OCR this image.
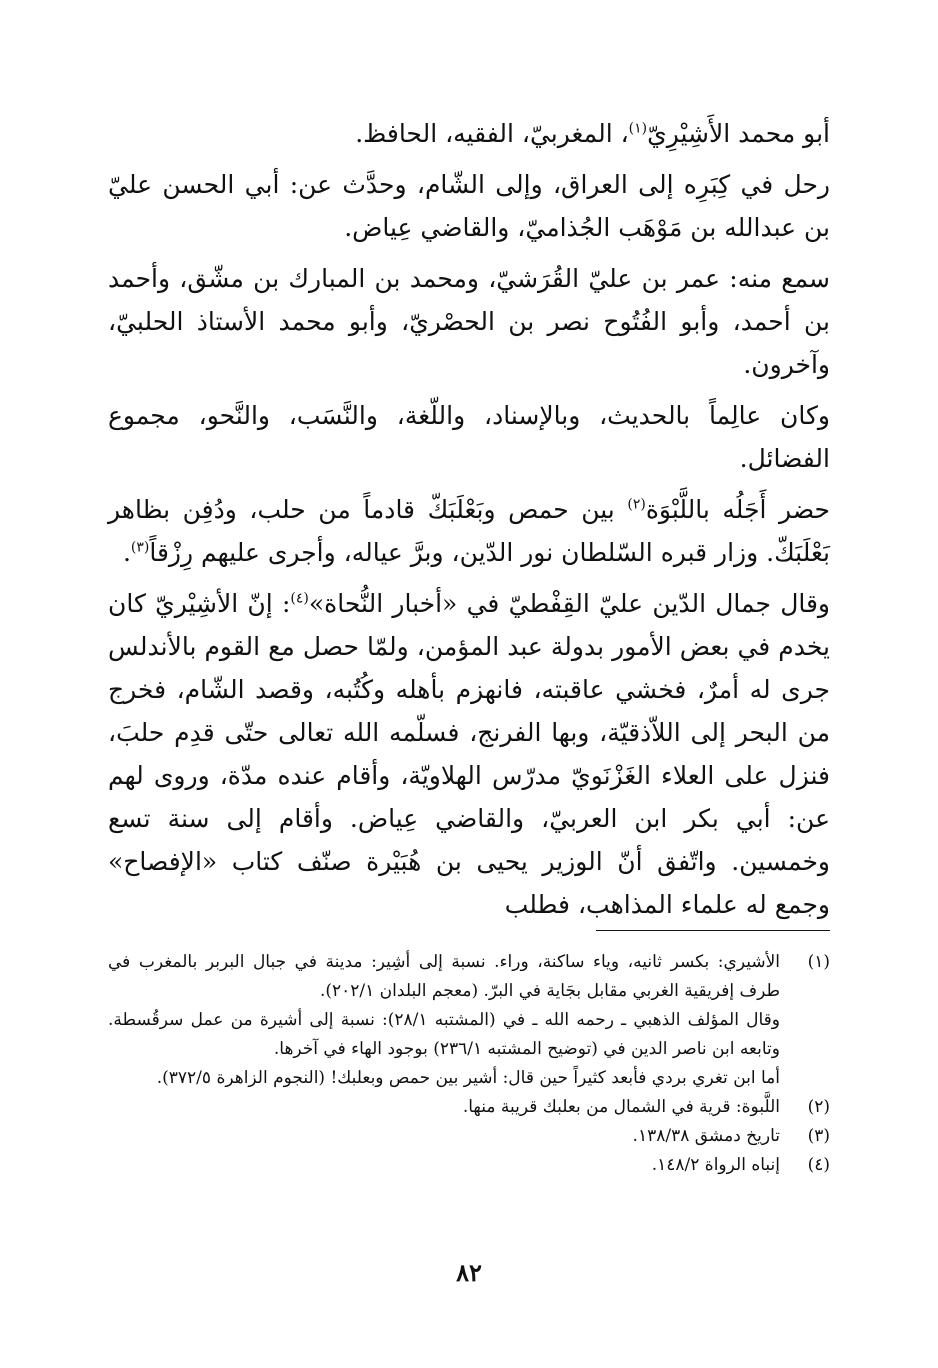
أبو محمد الأَشِيْرِيّ$^{(١)}$، المغربيّ، الفقيه، الحافظ.

رحل في كِبَرِه إلى العراق، وإلى الشّام، وحدَّث عن: أبي الحسن عليّ بن عبدالله بن مَوْهَب الجُذاميّ، والقاضي عِياض.

سمع منه: عمر بن عليّ القُرَشيّ، ومحمد بن المبارك بن مشّق، وأحمد بن أحمد، وأبو الفُتُوح نصر بن الحصْريّ، وأبو محمد الأستاذ الحلبيّ، وآخرون.

وكان عالِماً بالحديث، وبالإسناد، واللّغة، والنَّسَب، والنَّحو، مجموع الفضائل.

حضر أَجَلُه باللَّبْوَة$^{(٢)}$ بين حمص وبَعْلَبَكّ قادماً من حلب، ودُفِن بظاهر بَعْلَبَكّ. وزار قبره السّلطان نور الدّين، وبرَّ عياله، وأجرى عليهم رِزْقاً$^{(٣)}$.

وقال جمال الدّين عليّ القِفْطيّ في «أخبار النُّحاة»$^{(٤)}$: إنّ الأشِيْريّ كان يخدم في بعض الأمور بدولة عبد المؤمن، ولمّا حصل مع القوم بالأندلس جرى له أمرٌ، فخشي عاقبته، فانهزم بأهله وكُتُبه، وقصد الشّام، فخرج من البحر إلى اللاّذقيّة، وبها الفرنج، فسلّمه الله تعالى حتّى قدِم حلبَ، فنزل على العلاء الغَزْنَويّ مدرّس الهلاويّة، وأقام عنده مدّة، وروى لهم عن: أبي بكر ابن العربيّ، والقاضي عِياض. وأقام إلى سنة تسع وخمسين. واتّفق أنّ الوزير يحيى بن هُبَيْرة صنّف كتاب «الإفصاح» وجمع له علماء المذاهب، فطلب

(١)
الأشيري: بكسر ثانيه، وياء ساكنة، وراء. نسبة إلى أشِير: مدينة في جبال البربر بالمغرب في طرف إفريقية الغربي مقابل بجَاية في البرّ. (معجم البلدان ٢٠٢/١).
وقال المؤلف الذهبي ـ رحمه الله ـ في (المشتبه ٢٨/١): نسبة إلى أشيرة من عمل سرقُسطة. وتابعه ابن ناصر الدين في (توضيح المشتبه ٢٣٦/١) بوجود الهاء في آخرها.
أما ابن تغري بردي فأبعد كثيراً حين قال: أشير بين حمص وبعلبك! (النجوم الزاهرة ٣٧٢/٥).
(٢)
اللَّبوة: قرية في الشمال من بعلبك قريبة منها.
(٣)
تاريخ دمشق ١٣٨/٣٨.
(٤)
إنباه الرواة ١٤٨/٢.
٨٢
